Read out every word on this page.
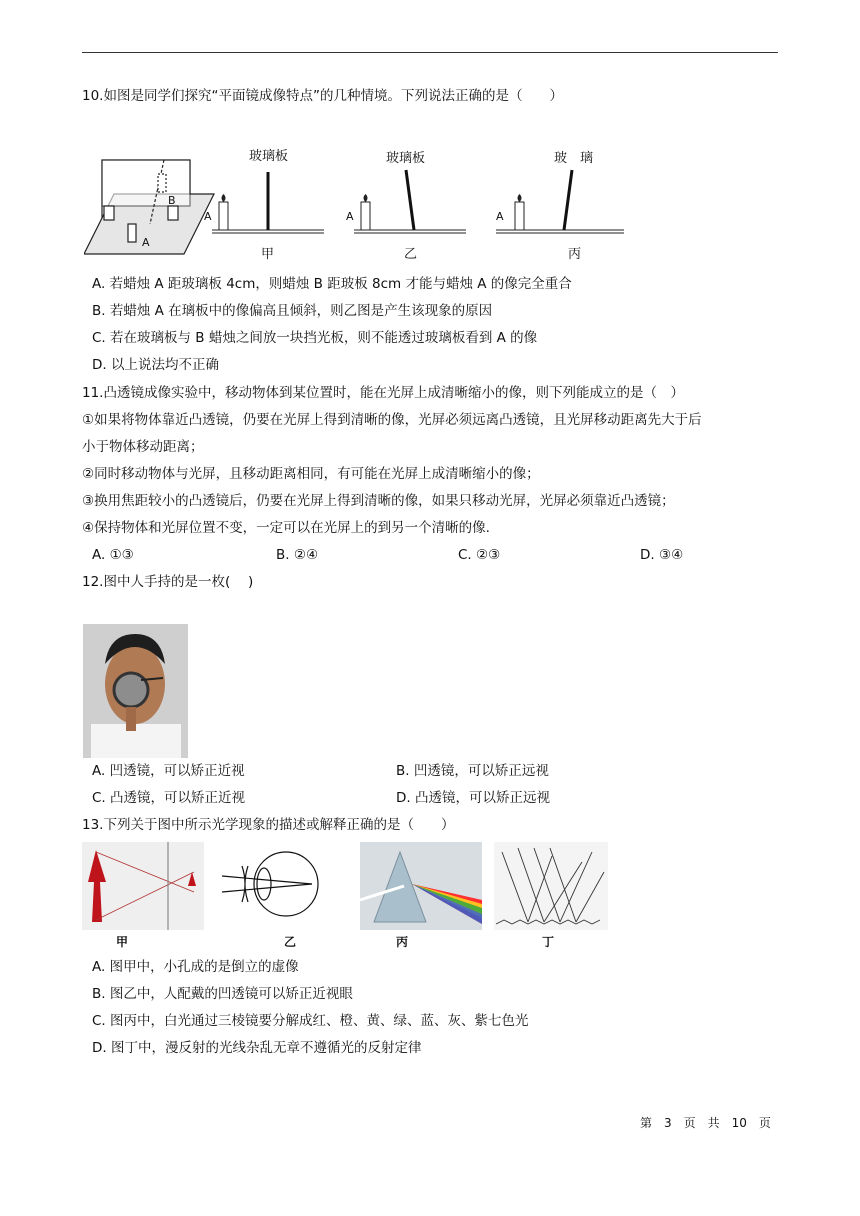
10.如图是同学们探究“平面镜成像特点”的几种情境。下列说法正确的是（　　）
B
A
A
玻璃板
甲
A
玻璃板
乙
A
玻　璃
丙
A. 若蜡烛 A 距玻璃板 4cm，则蜡烛 B 距玻板 8cm 才能与蜡烛 A 的像完全重合
B. 若蜡烛 A 在璃板中的像偏高且倾斜，则乙图是产生该现象的原因
C. 若在玻璃板与 B 蜡烛之间放一块挡光板，则不能透过玻璃板看到 A 的像
D. 以上说法均不正确
11.凸透镜成像实验中，移动物体到某位置时，能在光屏上成清晰缩小的像，则下列能成立的是（　）
①如果将物体靠近凸透镜，仍要在光屏上得到清晰的像，光屏必须远离凸透镜，且光屏移动距离先大于后
小于物体移动距离；
②同时移动物体与光屏，且移动距离相同，有可能在光屏上成清晰缩小的像；
③换用焦距较小的凸透镜后，仍要在光屏上得到清晰的像，如果只移动光屏，光屏必须靠近凸透镜；
④保持物体和光屏位置不变，一定可以在光屏上的到另一个清晰的像.
A. ①③	B. ②④	C. ②③	D. ③④
12.图中人手持的是一枚(　 )
A. 凹透镜，可以矫正近视	B. 凹透镜，可以矫正远视
C. 凸透镜，可以矫正近视	D. 凸透镜，可以矫正远视
13.下列关于图中所示光学现象的描述或解释正确的是（　　）
甲	乙	丙	丁
A. 图甲中，小孔成的是倒立的虚像
B. 图乙中，人配戴的凹透镜可以矫正近视眼
C. 图丙中，白光通过三棱镜要分解成红、橙、黄、绿、蓝、灰、紫七色光
D. 图丁中，漫反射的光线杂乱无章不遵循光的反射定律
第　3　页　共　10　页
